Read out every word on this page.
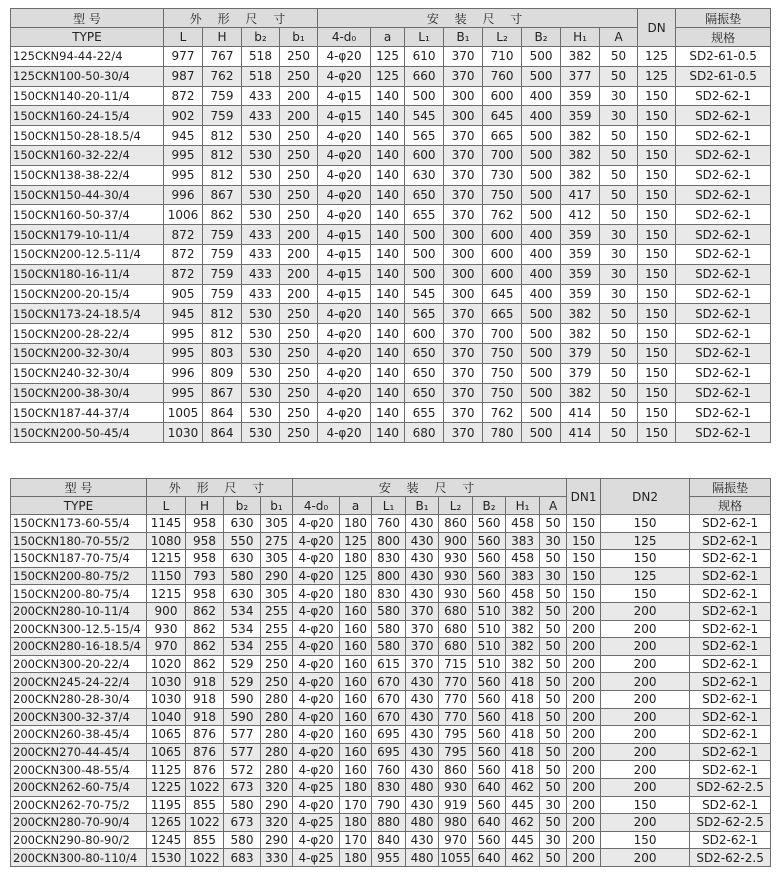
型 号	外 形 尺 寸				安 装 尺 寸								DN	隔振垫
TYPE	L	H	b₂	b₁	4-d₀	a	L₁	B₁	L₂	B₂	H₁	A		规格
125CKN94-44-22/4	977	767	518	250	4-φ20	125	610	370	710	500	382	50	125	SD2-61-0.5
125CKN100-50-30/4	987	762	518	250	4-φ20	125	660	370	760	500	377	50	125	SD2-61-0.5
150CKN140-20-11/4	872	759	433	200	4-φ15	140	500	300	600	400	359	30	150	SD2-62-1
150CKN160-24-15/4	902	759	433	200	4-φ15	140	545	300	645	400	359	30	150	SD2-62-1
150CKN150-28-18.5/4	945	812	530	250	4-φ20	140	565	370	665	500	382	50	150	SD2-62-1
150CKN160-32-22/4	995	812	530	250	4-φ20	140	600	370	700	500	382	50	150	SD2-62-1
150CKN138-38-22/4	995	812	530	250	4-φ20	140	630	370	730	500	382	50	150	SD2-62-1
150CKN150-44-30/4	996	867	530	250	4-φ20	140	650	370	750	500	417	50	150	SD2-62-1
150CKN160-50-37/4	1006	862	530	250	4-φ20	140	655	370	762	500	412	50	150	SD2-62-1
150CKN179-10-11/4	872	759	433	200	4-φ15	140	500	300	600	400	359	30	150	SD2-62-1
150CKN200-12.5-11/4	872	759	433	200	4-φ15	140	500	300	600	400	359	30	150	SD2-62-1
150CKN180-16-11/4	872	759	433	200	4-φ15	140	500	300	600	400	359	30	150	SD2-62-1
150CKN200-20-15/4	905	759	433	200	4-φ15	140	545	300	645	400	359	30	150	SD2-62-1
150CKN173-24-18.5/4	945	812	530	250	4-φ20	140	565	370	665	500	382	50	150	SD2-62-1
150CKN200-28-22/4	995	812	530	250	4-φ20	140	600	370	700	500	382	50	150	SD2-62-1
150CKN200-32-30/4	995	803	530	250	4-φ20	140	650	370	750	500	379	50	150	SD2-62-1
150CKN240-32-30/4	996	809	530	250	4-φ20	140	650	370	750	500	379	50	150	SD2-62-1
150CKN200-38-30/4	995	867	530	250	4-φ20	140	650	370	750	500	382	50	150	SD2-62-1
150CKN187-44-37/4	1005	864	530	250	4-φ20	140	655	370	762	500	414	50	150	SD2-62-1
150CKN200-50-45/4	1030	864	530	250	4-φ20	140	680	370	780	500	414	50	150	SD2-62-1
型 号	外 形 尺 寸				安 装 尺 寸								DN1	DN2	隔振垫
TYPE	L	H	b₂	b₁	4-d₀	a	L₁	B₁	L₂	B₂	H₁	A			规格
150CKN173-60-55/4	1145	958	630	305	4-φ20	180	760	430	860	560	458	50	150	150	SD2-62-1
150CKN180-70-55/2	1080	958	550	275	4-φ20	125	800	430	900	560	383	30	150	125	SD2-62-1
150CKN187-70-75/4	1215	958	630	305	4-φ20	180	830	430	930	560	458	50	150	150	SD2-62-1
150CKN200-80-75/2	1150	793	580	290	4-φ20	125	800	430	930	560	383	30	150	125	SD2-62-1
150CKN200-80-75/4	1215	958	630	305	4-φ20	180	830	430	930	560	458	50	150	150	SD2-62-1
200CKN280-10-11/4	900	862	534	255	4-φ20	160	580	370	680	510	382	50	200	200	SD2-62-1
200CKN300-12.5-15/4	930	862	534	255	4-φ20	160	580	370	680	510	382	50	200	200	SD2-62-1
200CKN280-16-18.5/4	970	862	534	255	4-φ20	160	580	370	680	510	382	50	200	200	SD2-62-1
200CKN300-20-22/4	1020	862	529	250	4-φ20	160	615	370	715	510	382	50	200	200	SD2-62-1
200CKN245-24-22/4	1030	918	529	250	4-φ20	160	670	430	770	560	418	50	200	200	SD2-62-1
200CKN280-28-30/4	1030	918	590	280	4-φ20	160	670	430	770	560	418	50	200	200	SD2-62-1
200CKN300-32-37/4	1040	918	590	280	4-φ20	160	670	430	770	560	418	50	200	200	SD2-62-1
200CKN260-38-45/4	1065	876	577	280	4-φ20	160	695	430	795	560	418	50	200	200	SD2-62-1
200CKN270-44-45/4	1065	876	577	280	4-φ20	160	695	430	795	560	418	50	200	200	SD2-62-1
200CKN300-48-55/4	1125	876	572	280	4-φ20	160	760	430	860	560	418	50	200	200	SD2-62-1
200CKN262-60-75/4	1225	1022	673	320	4-φ25	180	830	480	930	640	462	50	200	200	SD2-62-2.5
200CKN262-70-75/2	1195	855	580	290	4-φ20	170	790	430	919	560	445	30	200	150	SD2-62-1
200CKN280-70-90/4	1265	1022	673	320	4-φ25	180	880	480	980	640	462	50	200	200	SD2-62-2.5
200CKN290-80-90/2	1245	855	580	290	4-φ20	170	840	430	970	560	445	30	200	150	SD2-62-1
200CKN300-80-110/4	1530	1022	683	330	4-φ25	180	955	480	1055	640	462	50	200	200	SD2-62-2.5
